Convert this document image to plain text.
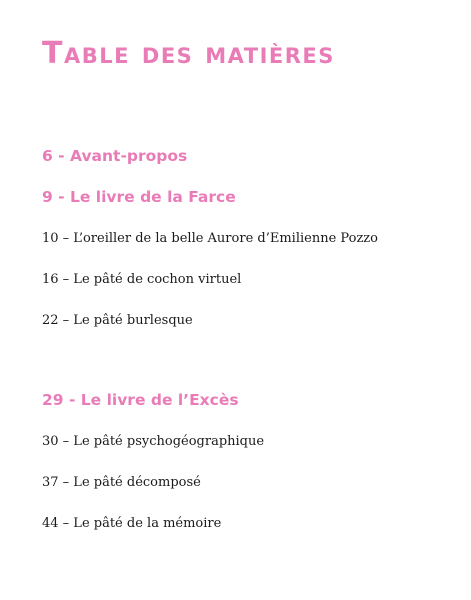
Table des matières
6 - Avant-propos
9 - Le livre de la Farce
10 – L’oreiller de la belle Aurore d’Emilienne Pozzo
16 – Le pâté de cochon virtuel
22 – Le pâté burlesque
29 - Le livre de l’Excès
30 – Le pâté psychogéographique
37 – Le pâté décomposé
44 – Le pâté de la mémoire
